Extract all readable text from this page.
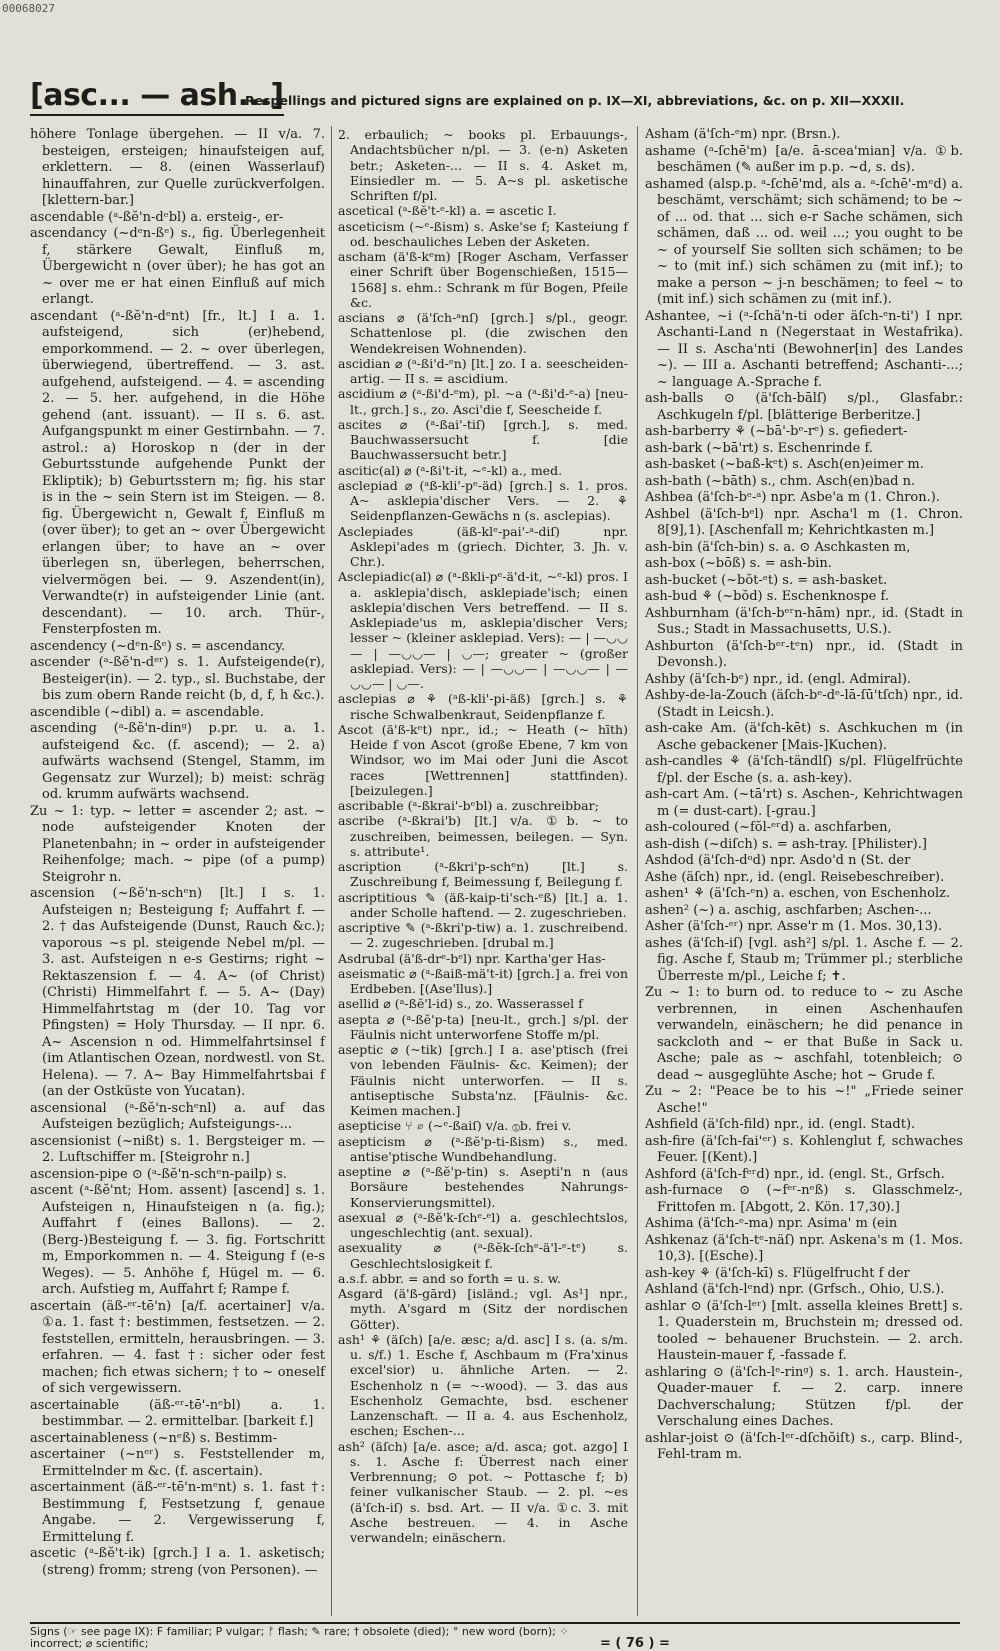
00068027
[asc... — ash...]
Respellings and pictured signs are explained on p. IX—XI, abbreviations, &c. on p. XII—XXXII.

höhere Tonlage übergehen. — II v/a. 7. besteigen, ersteigen; hinaufsteigen auf, erklettern. — 8. (einen Wasserlauf) hinauffahren, zur Quelle zurückverfolgen. [klettern-bar.]

ascendable (ᵃ-ßĕ'n-dᵉbl) a. ersteig-, er-

ascendancy (~dᵉn-ßᵉ) s., fig. Überlegenheit f, stärkere Gewalt, Einfluß m, Übergewicht n (over über); he has got an ~ over me er hat einen Einfluß auf mich erlangt.

ascendant (ᵃ-ßĕ'n-dᵉnt) [fr., lt.] I a. 1. aufsteigend, sich (er)hebend, emporkommend. — 2. ~ over überlegen, überwiegend, übertreffend. — 3. ast. aufgehend, aufsteigend. — 4. = ascending 2. — 5. her. aufgehend, in die Höhe gehend (ant. issuant). — II s. 6. ast. Aufgangspunkt m einer Gestirnbahn. — 7. astrol.: a) Horoskop n (der in der Geburtsstunde aufgehende Punkt der Ekliptik); b) Geburtsstern m; fig. his star is in the ~ sein Stern ist im Steigen. — 8. fig. Übergewicht n, Gewalt f, Einfluß m (over über); to get an ~ over Übergewicht erlangen über; to have an ~ over überlegen sn, überlegen, beherrschen, vielvermögen bei. — 9. Aszendent(in), Verwandte(r) in aufsteigender Linie (ant. descendant). — 10. arch. Thür-, Fensterpfosten m.

ascendency (~dᵉn-ßᵉ) s. = ascendancy.

ascender (ᵃ-ßĕ'n-dᵉʳ) s. 1. Aufsteigende(r), Besteiger(in). — 2. typ., sl. Buchstabe, der bis zum obern Rande reicht (b, d, f, h &c.).

ascendible (~dibl) a. = ascendable.

ascending (ᵃ-ßĕ'n-dinᵍ) p.pr. u. a. 1. aufsteigend &c. (f. ascend); — 2. a) aufwärts wachsend (Stengel, Stamm, im Gegensatz zur Wurzel); b) meist: schräg od. krumm aufwärts wachsend.

Zu ~ 1: typ. ~ letter = ascender 2; ast. ~ node aufsteigender Knoten der Planetenbahn; in ~ order in aufsteigender Reihenfolge; mach. ~ pipe (of a pump) Steigrohr n.

ascension (~ßĕ'n-schᵉn) [lt.] I s. 1. Aufsteigen n; Besteigung f; Auffahrt f. — 2. † das Aufsteigende (Dunst, Rauch &c.); vaporous ~s pl. steigende Nebel m/pl. — 3. ast. Aufsteigen n e-s Gestirns; right ~ Rektaszension f. — 4. A~ (of Christ) (Christi) Himmelfahrt f. — 5. A~ (Day) Himmelfahrtstag m (der 10. Tag vor Pfingsten) = Holy Thursday. — II npr. 6. A~ Ascension n od. Himmelfahrtsinsel f (im Atlantischen Ozean, nordwestl. von St. Helena). — 7. A~ Bay Himmelfahrtsbai f (an der Ostküste von Yucatan).

ascensional (ᵃ-ßĕ'n-schᵉnl) a. auf das Aufsteigen bezüglich; Aufsteigungs-...

ascensionist (~nißt) s. 1. Bergsteiger m. — 2. Luftschiffer m. [Steigrohr n.]

ascension-pipe ⊙ (ᵃ-ßĕ'n-schᵉn-pailp) s.

ascent (ᵃ-ßĕ'nt; Hom. assent) [ascend] s. 1. Aufsteigen n, Hinaufsteigen n (a. fig.); Auffahrt f (eines Ballons). — 2. (Berg-)Besteigung f. — 3. fig. Fortschritt m, Emporkommen n. — 4. Steigung f (e-s Weges). — 5. Anhöhe f, Hügel m. — 6. arch. Aufstieg m, Auffahrt f; Rampe f.

ascertain (äß-ᵉʳ-tē'n) [a/f. acertainer] v/a. ①a. 1. fast †: bestimmen, festsetzen. — 2. feststellen, ermitteln, herausbringen. — 3. erfahren. — 4. fast †: sicher oder fest machen; fich etwas sichern; † to ~ oneself of sich vergewissern.

ascertainable (äß-ᵉʳ-tē'-nᵉbl) a. 1. bestimmbar. — 2. ermittelbar. [barkeit f.]

ascertainableness (~nᵉß) s. Bestimm-

ascertainer (~nᵉʳ) s. Feststellender m, Ermittelnder m &c. (f. ascertain).

ascertainment (äß-ᵉʳ-tē'n-mᵉnt) s. 1. fast †: Bestimmung f, Festsetzung f, genaue Angabe. — 2. Vergewisserung f, Ermittelung f.

ascetic (ᵃ-ßĕ't-ik) [grch.] I a. 1. asketisch; (streng) fromm; streng (von Personen). —

2. erbaulich; ~ books pl. Erbauungs-, Andachtsbücher n/pl. — 3. (e-n) Asketen betr.; Asketen-... — II s. 4. Asket m, Einsiedler m. — 5. A~s pl. asketische Schriften f/pl.

ascetical (ᵃ-ßĕ't-ᵉ-kl) a. = ascetic I.

asceticism (~ᵉ-ßism) s. Aske'se f; Kasteiung f od. beschauliches Leben der Asketen.

ascham (ä'ß-kᵉm) [Roger Ascham, Verfasser einer Schrift über Bogenschießen, 1515—1568] s. ehm.: Schrank m für Bogen, Pfeile &c.

ascians ⌀ (ä'ſch-ᵃnſ) [grch.] s/pl., geogr. Schattenlose pl. (die zwischen den Wendekreisen Wohnenden).

ascidian ⌀ (ᵃ-ßi'd-ᵉn) [lt.] zo. I a. seescheiden-artig. — II s. = ascidium.

ascidium ⌀ (ᵃ-ßi'd-ᵉm), pl. ~a (ᵃ-ßi'd-ᵉ-a) [neu-lt., grch.] s., zo. Asci'die f, Seescheide f.

ascites ⌀ (ᵃ-ßai'-tiſ) [grch.], s. med. Bauchwassersucht f. [die Bauchwassersucht betr.]

ascitic(al) ⌀ (ᵃ-ßi't-it, ~ᵉ-kl) a., med.

asclepiad ⌀ (ᵃß-kli'-pᵉ-äd) [grch.] s. 1. pros. A~ asklepia'discher Vers. — 2. ⚘ Seidenpflanzen-Gewächs n (s. asclepias).

Asclepiades (äß-klᵉ-pai'-ᵃ-diſ) npr. Asklepi'ades m (griech. Dichter, 3. Jh. v. Chr.).

Asclepiadic(al) ⌀ (ᵃ-ßkli-pᵉ-ä'd-it, ~ᵉ-kl) pros. I a. asklepia'disch, asklepiade'isch; einen asklepia'dischen Vers betreffend. — II s. Asklepiade'us m, asklepia'discher Vers; lesser ~ (kleiner asklepiad. Vers): — | —◡◡— | —◡◡— | ◡—; greater ~ (großer asklepiad. Vers): — | —◡◡— | —◡◡— | —◡◡— | ◡—.

asclepias ⌀ ⚘ (ᵃß-kli'-pi-äß) [grch.] s. ⚘ rische Schwalbenkraut, Seidenpflanze f.

Ascot (ä'ß-kᵉt) npr., id.; ~ Heath (~ hīth) Heide f von Ascot (große Ebene, 7 km von Windsor, wo im Mai oder Juni die Ascot races [Wettrennen] stattfinden). [beizulegen.]

ascribable (ᵃ-ßkrai'-bᵉbl) a. zuschreibbar;

ascribe (ᵃ-ßkrai'b) [lt.] v/a. ①b. ~ to zuschreiben, beimessen, beilegen. — Syn. s. attribute¹.

ascription (ᵃ-ßkri'p-schᵉn) [lt.] s. Zuschreibung f, Beimessung f, Beilegung f.

ascriptitious ✎ (äß-kaip-ti'sch-ᵉß) [lt.] a. 1. ander Scholle haftend. — 2. zugeschrieben.

ascriptive ✎ (ᵃ-ßkri'p-tiw) a. 1. zuschreibend. — 2. zugeschrieben. [drubal m.]

Asdrubal (ä'ß-drᵉ-bᵉl) npr. Kartha'ger Has-

aseismatic ⌀ (ᵃ-ßaiß-mä't-it) [grch.] a. frei von Erdbeben. [(Ase'llus).]

asellid ⌀ (ᵃ-ßĕ'l-id) s., zo. Wasserassel f

asepta ⌀ (ᵃ-ßĕ'p-ta) [neu-lt., grch.] s/pl. der Fäulnis nicht unterworfene Stoffe m/pl.

aseptic ⌀ (~tik) [grch.] I a. ase'ptisch (frei von lebenden Fäulnis- &c. Keimen); der Fäulnis nicht unterworfen. — II s. antiseptische Substa'nz. [Fäulnis- &c. Keimen machen.]

asepticise ⑂ ⌀ (~ᵉ-ßaiſ) v/a. ①b. frei v.

asepticism ⌀ (ᵃ-ßĕ'p-ti-ßism) s., med. antise'ptische Wundbehandlung.

aseptine ⌀ (ᵃ-ßĕ'p-tin) s. Asepti'n n (aus Borsäure bestehendes Nahrungs-Konservierungsmittel).

asexual ⌀ (ᵃ-ßĕ'k-ſchᵉ-ᵉl) a. geschlechtslos, ungeschlechtig (ant. sexual).

asexuality ⌀ (ᵃ-ßĕk-ſchᵉ-ä'l-ᵉ-tᵉ) s. Geschlechtslosigkeit f.

a.s.f. abbr. = and so forth = u. s. w.

Asgard (ä'ß-gārd) [isländ.; vgl. As¹] npr., myth. A'sgard m (Sitz der nordischen Götter).

ash¹ ⚘ (äſch) [a/e. æsc; a/d. asc] I s. (a. s/m. u. s/f.) 1. Esche f, Aschbaum m (Fra'xinus excel'sior) u. ähnliche Arten. — 2. Eschenholz n (= ~-wood). — 3. das aus Eschenholz Gemachte, bsd. eschener Lanzenschaft. — II a. 4. aus Eschenholz, eschen; Eschen-...

ash² (äſch) [a/e. asce; a/d. asca; got. azgo] I s. 1. Asche f: Überrest nach einer Verbrennung; ⊙ pot. ~ Pottasche f; b) feiner vulkanischer Staub. — 2. pl. ~es (ä'ſch-iſ) s. bsd. Art. — II v/a. ①c. 3. mit Asche bestreuen. — 4. in Asche verwandeln; einäschern.

Asham (ä'ſch-ᵉm) npr. (Brsn.).

ashame (ᵃ-ſchē'm) [a/e. ā-scea'mian] v/a. ①b. beschämen (✎ außer im p.p. ~d, s. ds).

ashamed (alsp.p. ᵃ-ſchē'md, als a. ᵃ-ſchē'-mᵉd) a. beschämt, verschämt; sich schämend; to be ~ of ... od. that ... sich e-r Sache schämen, sich schämen, daß ... od. weil ...; you ought to be ~ of yourself Sie sollten sich schämen; to be ~ to (mit inf.) sich schämen zu (mit inf.); to make a person ~ j-n beschämen; to feel ~ to (mit inf.) sich schämen zu (mit inf.).

Ashantee, ~i (ᵃ-ſchä'n-ti oder äſch-ᵉn-ti') I npr. Aschanti-Land n (Negerstaat in Westafrika). — II s. Ascha'nti (Bewohner[in] des Landes ~). — III a. Aschanti betreffend; Aschanti-...; ~ language A.-Sprache f.

ash-balls ⊙ (ä'ſch-bālſ) s/pl., Glasfabr.: Aschkugeln f/pl. [blätterige Berberitze.]

ash-barberry ⚘ (~bā'-bᵉ-rᵉ) s. gefiedert-

ash-bark (~bā'rt) s. Eschenrinde f.

ash-basket (~baß-kᵉt) s. Asch(en)eimer m.

ash-bath (~bāth) s., chm. Asch(en)bad n.

Ashbea (ä'ſch-bᵉ-ᵃ) npr. Asbe'a m (1. Chron.).

Ashbel (ä'ſch-bᵉl) npr. Ascha'l m (1. Chron. 8[9],1). [Aschenfall m; Kehrichtkasten m.]

ash-bin (ä'ſch-bin) s. a. ⊙ Aschkasten m,

ash-box (~bōß) s. = ash-bin.

ash-bucket (~bŏt-ᵉt) s. = ash-basket.

ash-bud ⚘ (~bŏd) s. Eschenknospe f.

Ashburnham (ä'ſch-bᵉʳn-hām) npr., id. (Stadt in Sus.; Stadt in Massachusetts, U.S.).

Ashburton (ä'ſch-bᵉʳ-tᵉn) npr., id. (Stadt in Devonsh.).

Ashby (ä'ſch-bᵉ) npr., id. (engl. Admiral).

Ashby-de-la-Zouch (äſch-bᵉ-dᵉ-lā-ſū'tſch) npr., id. (Stadt in Leicsh.).

ash-cake Am. (ä'ſch-kēt) s. Aschkuchen m (in Asche gebackener [Mais-]Kuchen).

ash-candles ⚘ (ä'ſch-tändlſ) s/pl. Flügelfrüchte f/pl. der Esche (s. a. ash-key).

ash-cart Am. (~tā'rt) s. Aschen-, Kehrichtwagen m (= dust-cart). [-grau.]

ash-coloured (~fŏl-ᵉʳd) a. aschfarben,

ash-dish (~diſch) s. = ash-tray. [Philister).]

Ashdod (ä'ſch-dᵒd) npr. Asdo'd n (St. der

Ashe (äſch) npr., id. (engl. Reisebeschreiber).

ashen¹ ⚘ (ä'ſch-ᵉn) a. eschen, von Eschenholz.

ashen² (~) a. aschig, aschfarben; Aschen-...

Asher (ä'ſch-ᵉʳ) npr. Asse'r m (1. Mos. 30,13).

ashes (ä'ſch-iſ) [vgl. ash²] s/pl. 1. Asche f. — 2. fig. Asche f, Staub m; Trümmer pl.; sterbliche Überreste m/pl., Leiche f; ✝.

Zu ~ 1: to burn od. to reduce to ~ zu Asche verbrennen, in einen Aschenhaufen verwandeln, einäschern; he did penance in sackcloth and ~ er that Buße in Sack u. Asche; pale as ~ aschfahl, totenbleich; ⊙ dead ~ ausgeglühte Asche; hot ~ Grude f.

Zu ~ 2: "Peace be to his ~!" „Friede seiner Asche!"

Ashfield (ä'ſch-fild) npr., id. (engl. Stadt).

ash-fire (ä'ſch-fai'ᵉʳ) s. Kohlenglut f, schwaches Feuer. [(Kent).]

Ashford (ä'ſch-fᵉʳd) npr., id. (engl. St., Grfsch.

ash-furnace ⊙ (~fᵉʳ-nᵉß) s. Glasschmelz-, Frittofen m. [Abgott, 2. Kön. 17,30).]

Ashima (ä'ſch-ᵉ-ma) npr. Asima' m (ein

Ashkenaz (ä'ſch-tᵉ-näſ) npr. Askena's m (1. Mos. 10,3). [(Esche).]

ash-key ⚘ (ä'ſch-kī) s. Flügelfrucht f der

Ashland (ä'ſch-lᵉnd) npr. (Grfsch., Ohio, U.S.).

ashlar ⊙ (ä'ſch-lᵉʳ) [mlt. assella kleines Brett] s. 1. Quaderstein m, Bruchstein m; dressed od. tooled ~ behauener Bruchstein. — 2. arch. Haustein-mauer f, -fassade f.

ashlaring ⊙ (ä'ſch-lᵉ-rinᵍ) s. 1. arch. Haustein-, Quader-mauer f. — 2. carp. innere Dachverschalung; Stützen f/pl. der Verschalung eines Daches.

ashlar-joist ⊙ (ä'ſch-lᵉʳ-dſchŏiſt) s., carp. Blind-, Fehl-tram m.

Signs (☞ see page IX): F familiar; P vulgar; ᚠ flash; ✎ rare; † obsolete (died); ° new word (born); ⁘ incorrect; ⌀ scientific;	= ( 76 ) =
